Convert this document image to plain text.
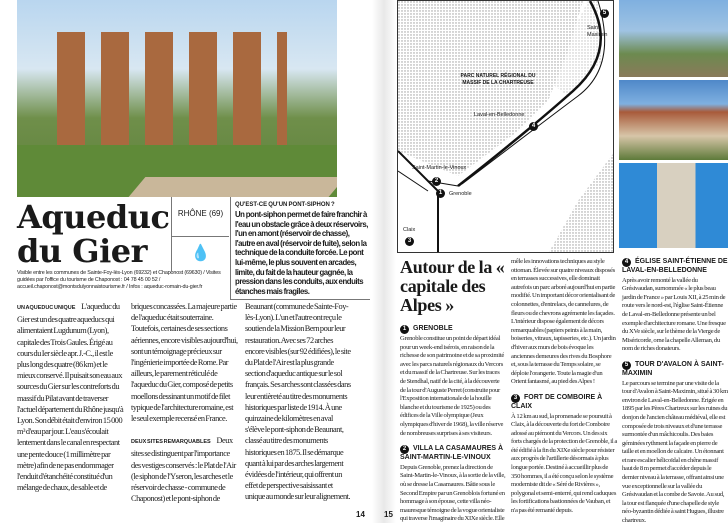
Aqueduc
du Gier
RHÔNE (69)
💧
Visible entre les communes de Sainte-Foy-lès-Lyon (69232) et Chaponost (69630) / Visites guidées par l'office du tourisme de Chaponost : 04 78 45 00 52 / accueil.chaponost@montsdulyonnaistourisme.fr / Infos : aqueduc-romain-du-gier.fr
QU'EST-CE QU'UN PONT-SIPHON ?
Un pont-siphon permet de faire franchir à l'eau un obstacle grâce à deux réservoirs, l'un en amont (réservoir de chasse), l'autre en aval (réservoir de fuite), selon la technique de la conduite forcée. Le pont lui-même, le plus souvent en arcades, limite, du fait de la hauteur gagnée, la pression dans les conduits, aux enduits étanches mais fragiles.

UN AQUEDUC UNIQUE L'aqueduc du Gier est un des quatre aqueducs qui alimentaient Lugdunum (Lyon), capitale des Trois Gaules. Érigé au cours du Ier siècle apr. J.-C., il est le plus long des quatre (86 km) et le mieux conservé. Il puisait son eau aux sources du Gier sur les contreforts du massif du Pilat avant de traverser l'actuel département du Rhône jusqu'à Lyon. Son débit était d'environ 15 000 m³ d'eau par jour. L'eau s'écoulait lentement dans le canal en respectant une pente douce (1 millimètre par mètre) afin de ne pas endommager l'enduit d'étanchéité constitué d'un mélange de chaux, de sable et de briques concassées. La majeure partie de l'aqueduc était souterraine. Toutefois, certaines de ses sections aériennes, encore visibles aujourd'hui, sont un témoignage précieux sur l'ingénierie importée de Rome. Par ailleurs, le parement réticulé de l'aqueduc du Gier, composé de petits moellons dessinant un motif de filet typique de l'architecture romaine, est le seul exemple recensé en France.

DEUX SITES REMARQUABLES Deux sites se distinguent par l'importance des vestiges conservés : le Plat de l'Air (le siphon de l'Yseron, les arches et le réservoir de chasse - commune de Chaponost) et le pont-siphon de Beaunant (commune de Sainte-Foy-lès-Lyon). L'un et l'autre ont reçu le soutien de la Mission Bern pour leur restauration. Avec ses 72 arches encore visibles (sur 92 édifiées), le site du Plat de l'Air est la plus grande section d'aqueduc antique sur le sol français. Ses arches sont classées dans leur entièreté au titre des monuments historiques par liste de 1914. À une quinzaine de kilomètres en aval s'élève le pont-siphon de Beaunant, classé au titre des monuments historiques en 1875. Il se démarque quant à lui par des arches largement évidées de l'intérieur, qui offrent un effet de perspective saisissant et unique au monde sur leur alignement.

14 15
PARC NATUREL RÉGIONAL DU MASSIF DE LA CHARTREUSE
Saint-Maximin
Laval-en-Belledonne
Saint-Martin-le-Vinoux
Grenoble
Claix
1
2
3
4
5
Autour de la « capitale des Alpes »
1 GRENOBLE
Grenoble constitue un point de départ idéal pour un week-end isérois, en raison de la richesse de son patrimoine et de sa proximité avec les parcs naturels régionaux du Vercors et du massif de la Chartreuse. Sur les traces de Stendhal, natif de la cité, à la découverte de la tour d'Auguste Perret (construite pour l'Exposition internationale de la houille blanche et du tourisme de 1925) ou des édifices de la Ville olympique (Jeux olympiques d'hiver de 1968), la ville réserve de nombreuses surprises à ses visiteurs.
2 VILLA LA CASAMAURES À SAINT-MARTIN-LE-VINOUX
Depuis Grenoble, prenez la direction de Saint-Martin-le-Vinoux, à la sortie de la ville, où se dresse la Casamaures. Bâtie sous le Second Empire par un Grenoblois fortuné en hommage à son épouse, cette villa néo-mauresque témoigne de la vogue orientaliste qui traverse l'imaginaire du XIXe siècle. Elle mêle les innovations techniques au style ottoman. Élevée sur quatre niveaux disposés en terrasses successives, elle dominait autrefois un parc arboré aujourd'hui en partie modifié. Un important décor orientalisant de colonnettes, d'entrelacs, de cannelures, de fleurs ou de chevrons agrémente les façades. L'intérieur dispose également de décors remarquables (papiers peints à la main, boiseries, vitraux, tapisseries, etc.). Un jardin d'hiver aux murs de bois évoque les anciennes demeures des rives du Bosphore et, sous la terrasse du Temps solaire, se déploie l'orangerie. Toute la magie d'un Orient fantasmé, au pied des Alpes !
3 FORT DE COMBOIRE À CLAIX
À 12 km au sud, la promenade se poursuit à Claix, à la découverte du fort de Comboire adossé au piémont du Vercors. Un des six forts chargés de la protection de Grenoble, il a été édifié à la fin du XIXe siècle pour résister aux progrès de l'artillerie désormais à plus longue portée. Destiné à accueillir plus de 350 hommes, il a été conçu selon le système moderniste dit de « Séré de Rivières », polygonal et semi-enterré, qui rend caduques les fortifications bastionnées de Vauban, et n'a pas été remanié depuis.
4 ÉGLISE SAINT-ÉTIENNE DE LAVAL-EN-BELLEDONNE
Après avoir remonté la vallée du Grésivaudan, surnommée « le plus beau jardin de France » par Louis XII, à 25 min de route vers le nord-est, l'église Saint-Étienne de Laval-en-Belledonne présente un bel exemple d'architecture romane. Une fresque du XVe siècle, sur le thème de la Vierge de Miséricorde, orne la chapelle Alleman, du nom de riches donateurs.
5 TOUR D'AVALON À SAINT-MAXIMIN
Le parcours se termine par une visite de la tour d'Avalon à Saint-Maximin, situé à 30 km environ de Laval-en-Belledonne. Érigée en 1895 par les Pères Chartreux sur les ruines du donjon de l'ancien château médiéval, elle est composée de trois niveaux et d'une terrasse surmontée d'un mâchicoulis. Des baies géminées rythment la façade en pierre de taille et en moellon de calcaire. Un étonnant et rare escalier hélicoïdal en chêne massif haut de 8 m permet d'accéder depuis le dernier niveau à la terrasse, offrant ainsi une vue exceptionnelle sur la vallée du Grésivaudan et la combe de Savoie. Au sud, la tour est flanquée d'une chapelle de style néo-byzantin dédiée à saint Hugues, illustre chartreux.
